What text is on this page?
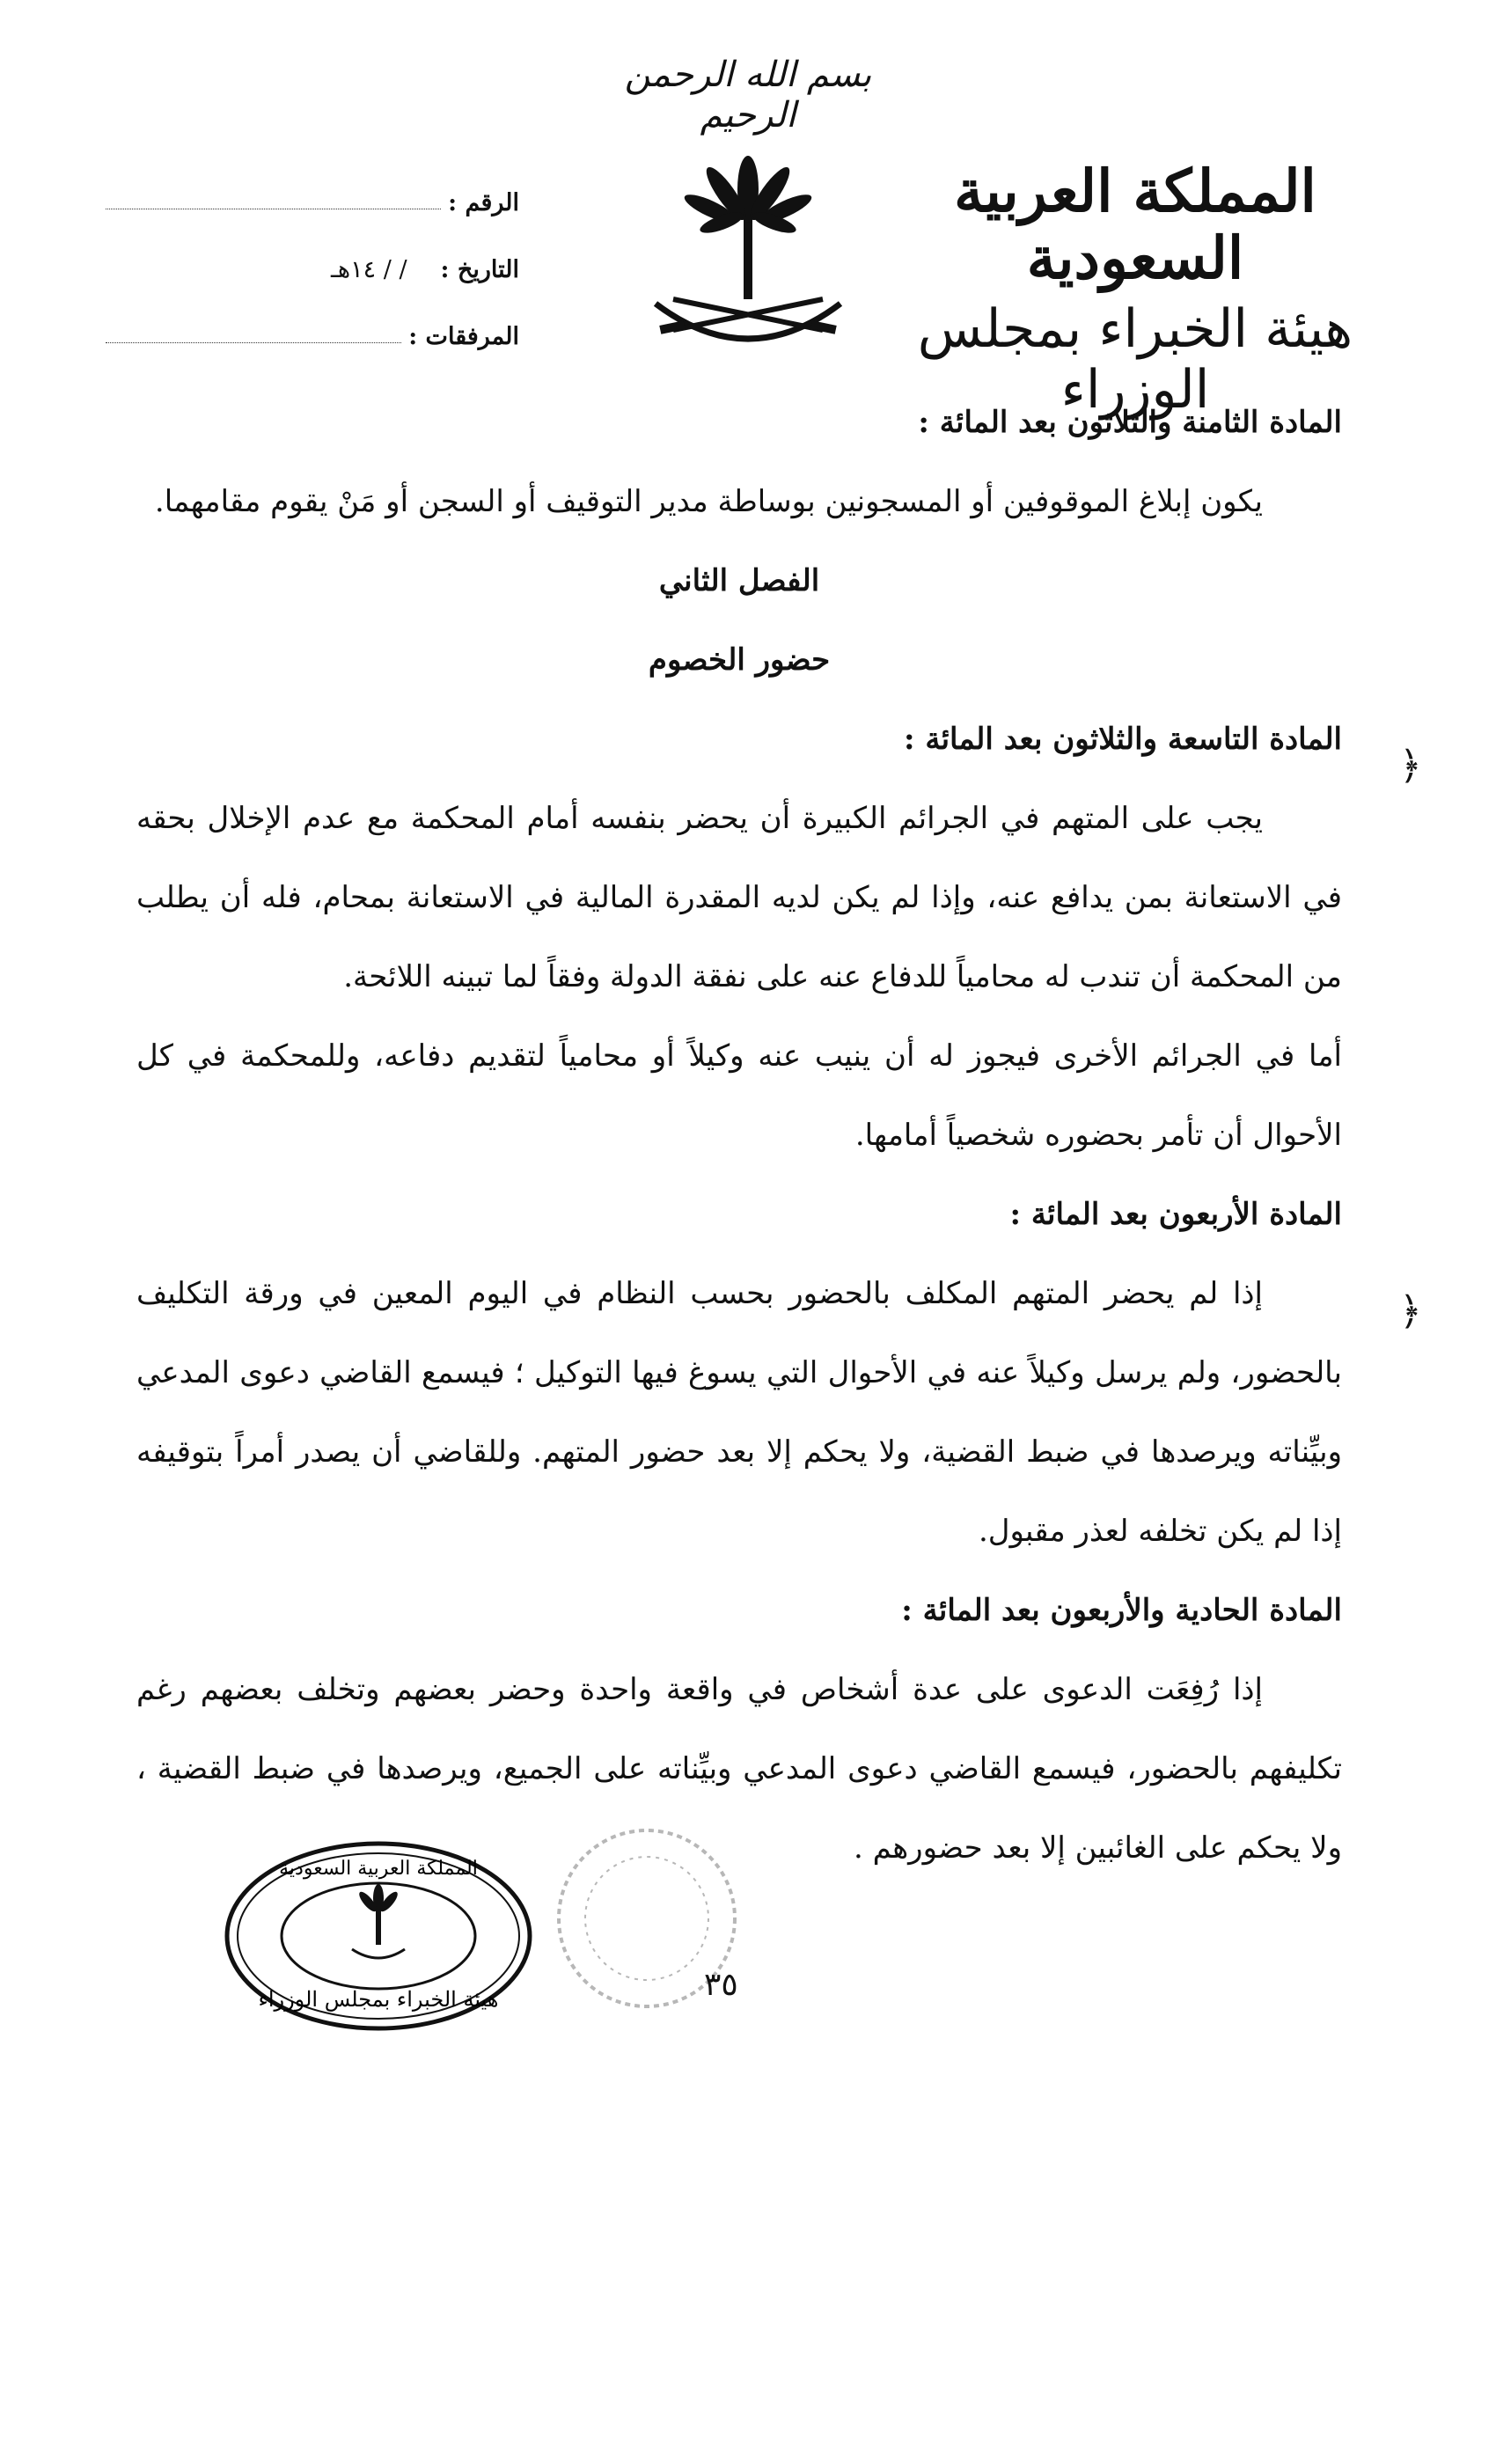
بسم الله الرحمن الرحيم
المملكة العربية السعودية
هيئة الخبراء بمجلس الوزراء
الرقم :
التاريخ :
/ / ١٤هـ
المرفقات :

المادة الثامنة والثلاثون بعد المائة :

يكون إبلاغ الموقوفين أو المسجونين بوساطة مدير التوقيف أو السجن أو مَنْ يقوم مقامهما.

الفصل الثاني

حضور الخصوم

المادة التاسعة والثلاثون بعد المائة :

يجب على المتهم في الجرائم الكبيرة أن يحضر بنفسه أمام المحكمة مع عدم الإخلال بحقه في الاستعانة بمن يدافع عنه، وإذا لم يكن لديه المقدرة المالية في الاستعانة بمحام، فله أن يطلب من المحكمة أن تندب له محامياً للدفاع عنه على نفقة الدولة وفقاً لما تبينه اللائحة.

أما في الجرائم الأخرى فيجوز له أن ينيب عنه وكيلاً أو محامياً لتقديم دفاعه، وللمحكمة في كل الأحوال أن تأمر بحضوره شخصياً أمامها.

المادة الأربعون بعد المائة :

إذا لم يحضر المتهم المكلف بالحضور بحسب النظام في اليوم المعين في ورقة التكليف بالحضور، ولم يرسل وكيلاً عنه في الأحوال التي يسوغ فيها التوكيل ؛ فيسمع القاضي دعوى المدعي وبيِّناته ويرصدها في ضبط القضية، ولا يحكم إلا بعد حضور المتهم. وللقاضي أن يصدر أمراً بتوقيفه إذا لم يكن تخلفه لعذر مقبول.

المادة الحادية والأربعون بعد المائة :

إذا رُفِعَت الدعوى على عدة أشخاص في واقعة واحدة وحضر بعضهم وتخلف بعضهم رغم تكليفهم بالحضور، فيسمع القاضي دعوى المدعي وبيِّناته على الجميع، ويرصدها في ضبط القضية ، ولا يحكم على الغائبين إلا بعد حضورهم .

﴿
﴿
المملكة العربية السعودية
هيئة الخبراء بمجلس الوزراء	٣٥
